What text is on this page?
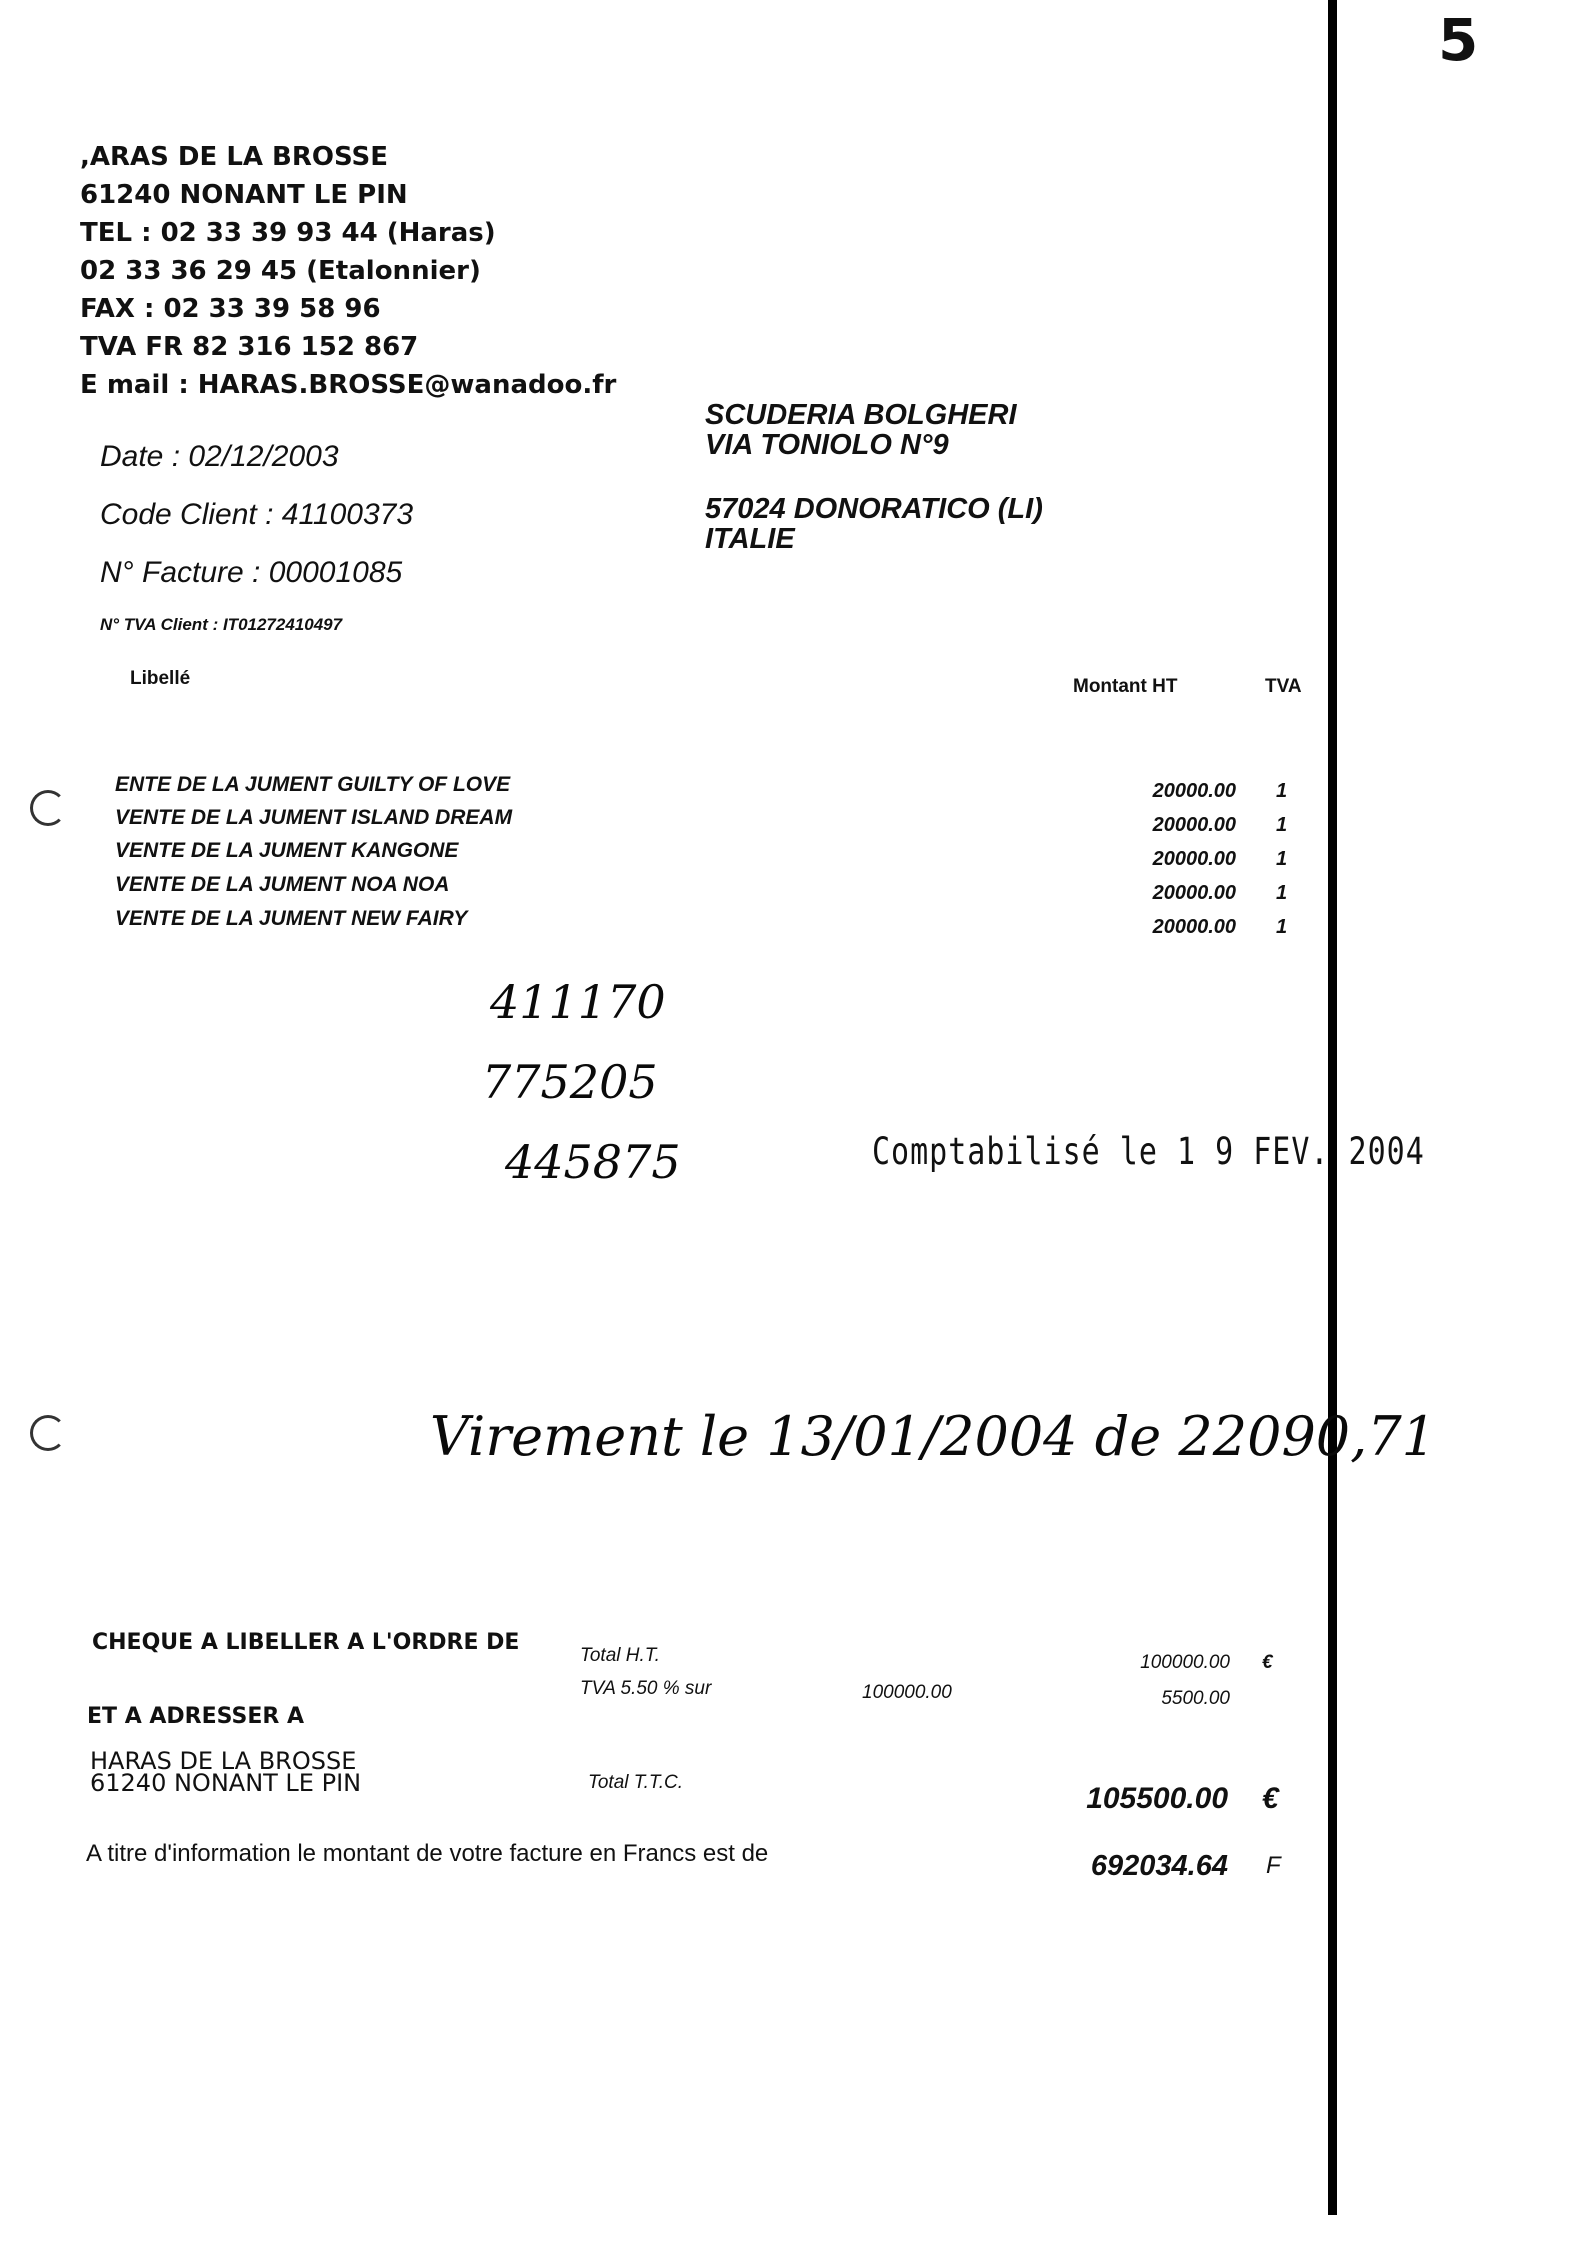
5
,ARAS DE LA BROSSE
61240 NONANT LE PIN
TEL : 02 33 39 93 44 (Haras)
02 33 36 29 45 (Etalonnier)
FAX : 02 33 39 58 96
TVA FR 82 316 152 867
E mail : HARAS.BROSSE@wanadoo.fr
Date : 02/12/2003
Code Client : 41100373
N° Facture : 00001085
N° TVA Client : IT01272410497
SCUDERIA BOLGHERI
VIA TONIOLO N°9
57024 DONORATICO (LI)
ITALIE
Libellé	Montant HT	TVA
ENTE DE LA JUMENT GUILTY OF LOVE	20000.00 1
VENTE DE LA JUMENT ISLAND DREAM	20000.00 1
VENTE DE LA JUMENT KANGONE	20000.00 1
VENTE DE LA JUMENT NOA NOA	20000.00 1
VENTE DE LA JUMENT NEW FAIRY	20000.00 1
411170
775205
445875	Comptabilisé le 1 9 FEV. 2004
Virement le 13/01/2004 de 22090,71
CHEQUE A LIBELLER A L'ORDRE DE
ET A ADRESSER A
HARAS DE LA BROSSE
61240 NONANT LE PIN
Total H.T.	100000.00 €
TVA 5.50 % sur	100000.00	5500.00
Total T.T.C.	105500.00 €
A titre d'information le montant de votre facture en Francs est de	692034.64 F
